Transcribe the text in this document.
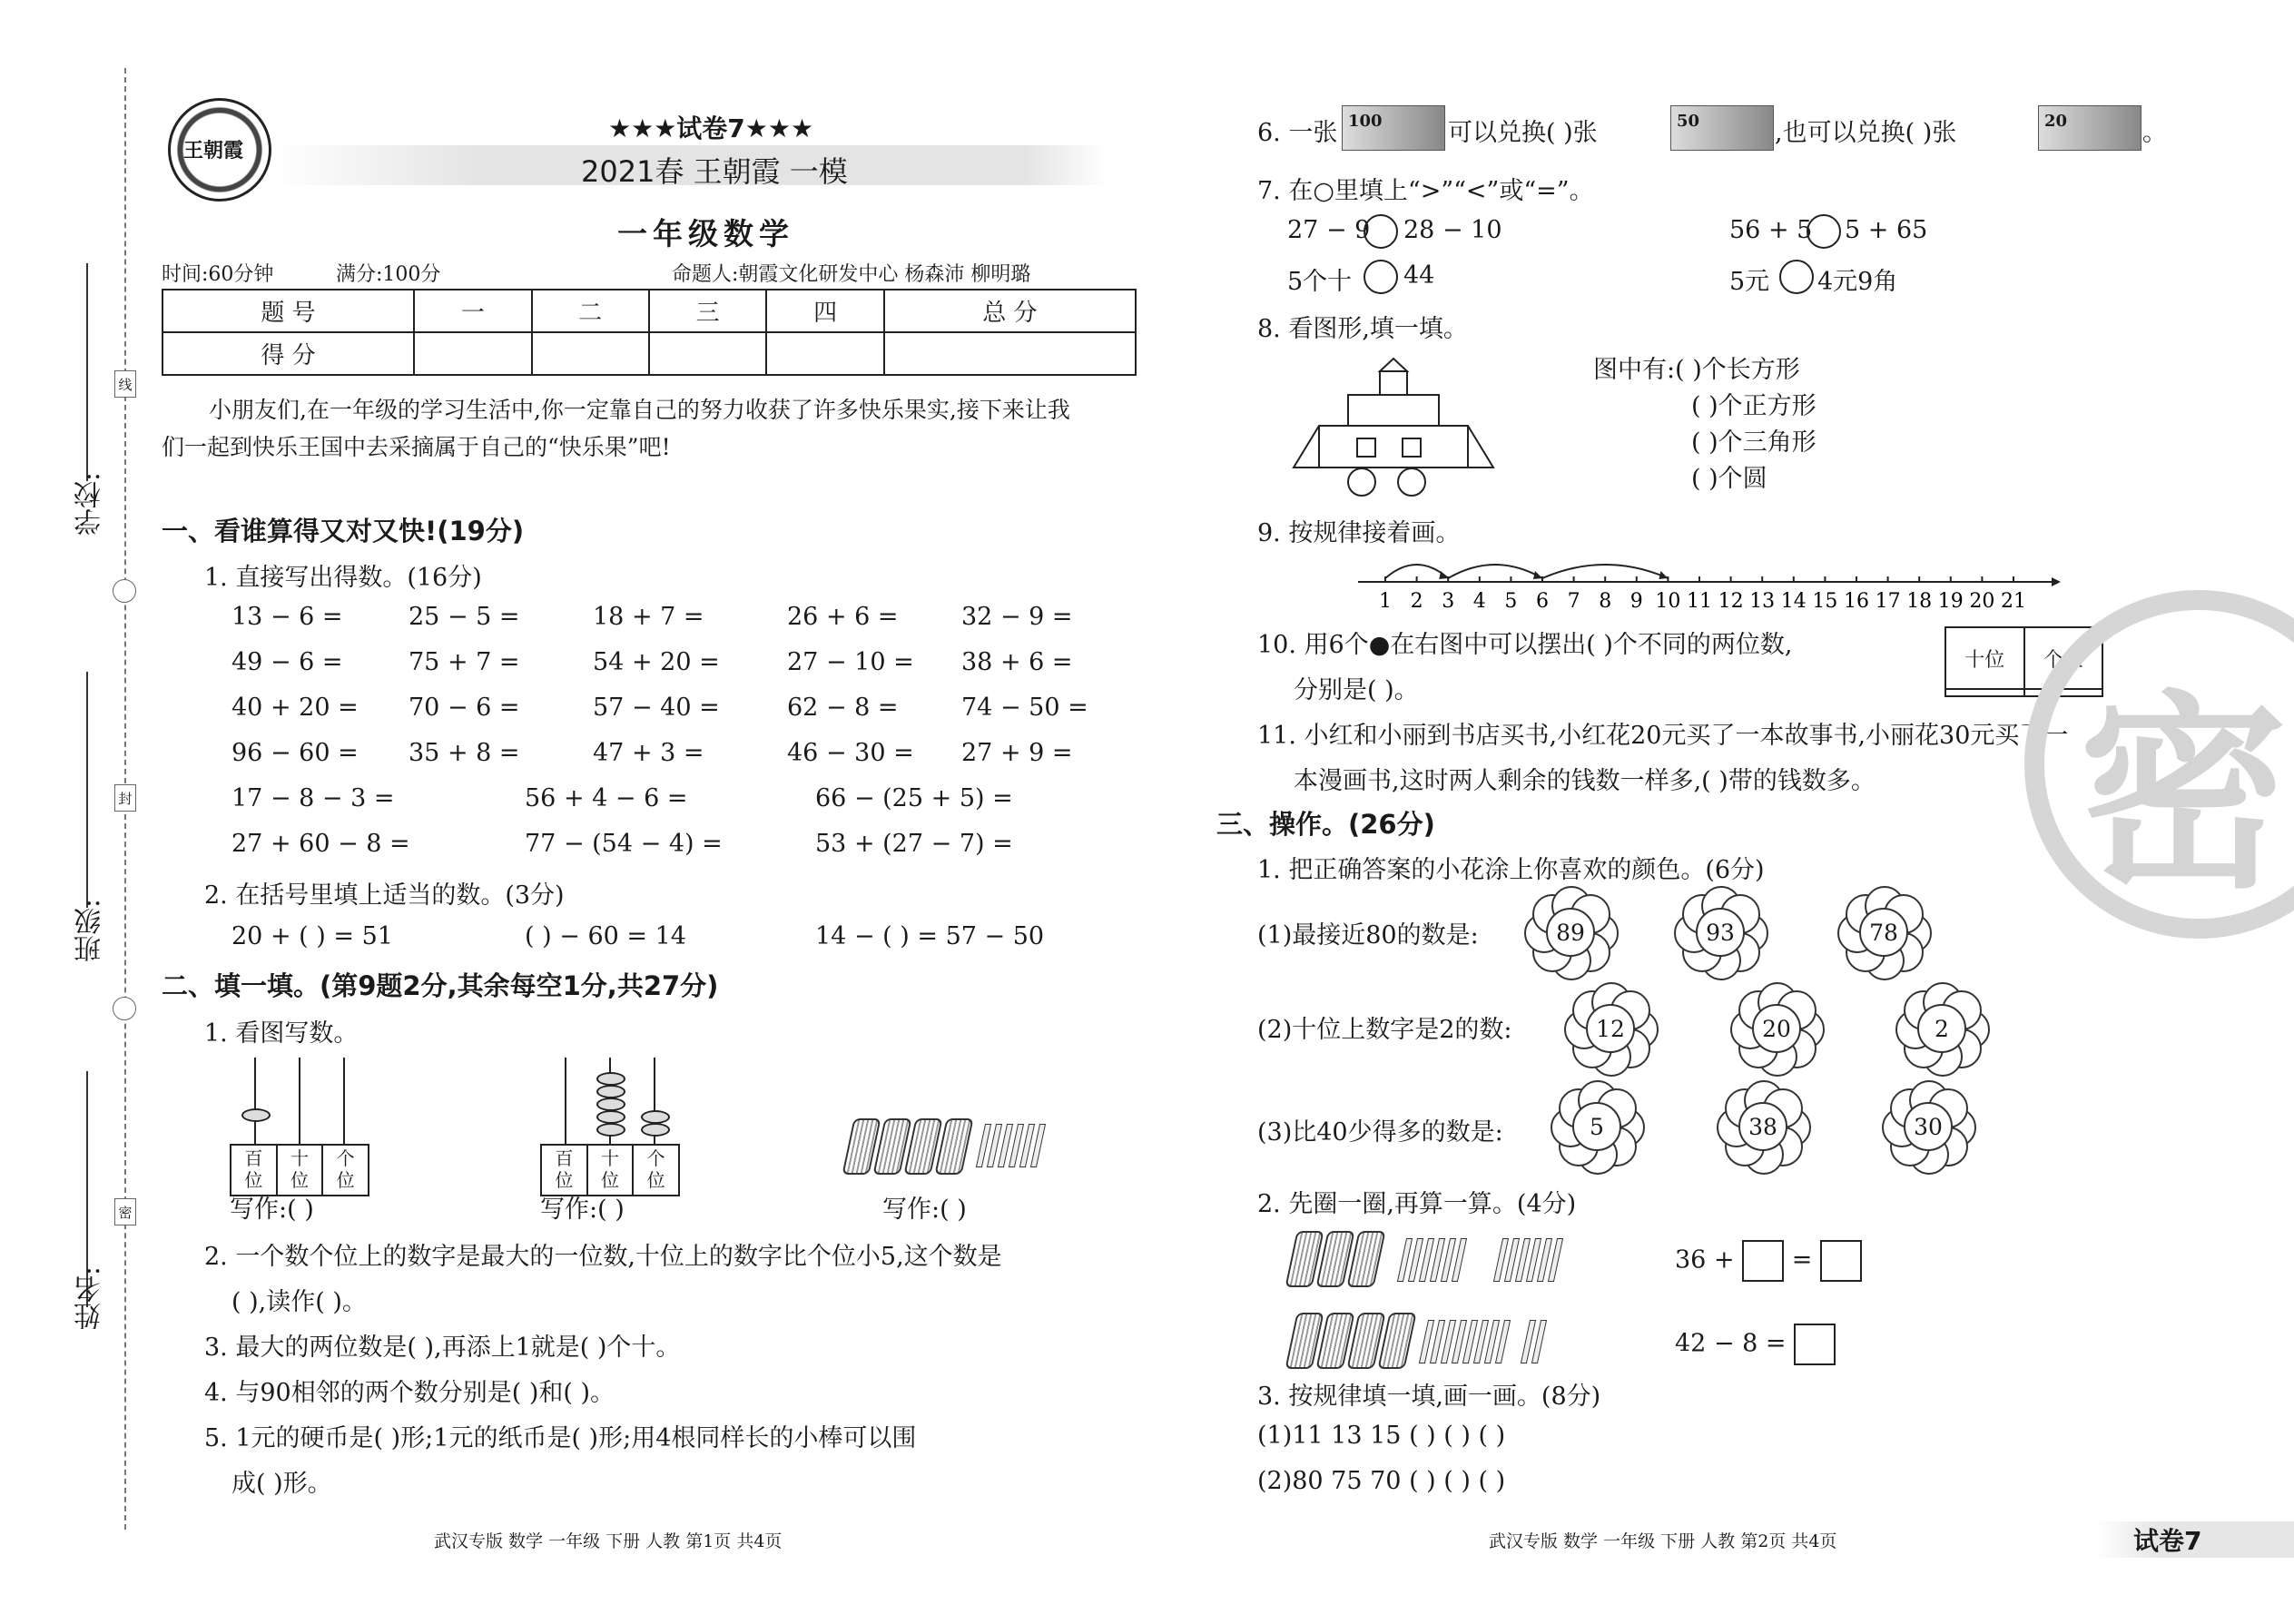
线
封
密
学校:
班级:
姓名:
王朝霞
★★★试卷7★★★
2021春 王朝霞 一模
一年级数学
时间:60分钟	满分:100分	命题人:朝霞文化研发中心 杨森沛 柳明璐
题 号	一	二	三	四	总 分
得 分					
小朋友们,在一年级的学习生活中,你一定靠自己的努力收获了许多快乐果实,接下来让我
们一起到快乐王国中去采摘属于自己的“快乐果”吧!
一、看谁算得又对又快!(19分)
1. 直接写出得数。(16分)
13 − 6 =	25 − 5 =	18 + 7 =	26 + 6 =	32 − 9 =
49 − 6 =	75 + 7 =	54 + 20 =	27 − 10 = 38 + 6 =
40 + 20 = 70 − 6 =	57 − 40 =	62 − 8 =	74 − 50 =
96 − 60 = 35 + 8 =	47 + 3 =	46 − 30 = 27 + 9 =
17 − 8 − 3 =	56 + 4 − 6 =	66 − (25 + 5) =
27 + 60 − 8 =	77 − (54 − 4) =	53 + (27 − 7) =
2. 在括号里填上适当的数。(3分)
20 + ( ) = 51	( ) − 60 = 14	14 − ( ) = 57 − 50
二、填一填。(第9题2分,其余每空1分,共27分)
1. 看图写数。
百
位
十
位
个
位
写作:( )
百
位
十
位
个
位
写作:( )	写作:( )
2. 一个数个位上的数字是最大的一位数,十位上的数字比个位小5,这个数是
( ),读作( )。
3. 最大的两位数是( ),再添上1就是( )个十。
4. 与90相邻的两个数分别是( )和( )。
5. 1元的硬币是( )形;1元的纸币是( )形;用4根同样长的小棒可以围
成( )形。
武汉专版 数学 一年级 下册 人教 第1页 共4页
6. 一张 100	可以兑换( )张	50	,也可以兑换( )张	20	。
7. 在○里填上“>”“<”或“=”。
27 − 9 28 − 10	56 + 5 5 + 65
5个十 44	5元 4元9角
8. 看图形,填一填。
图中有:( )个长方形
( )个正方形
( )个三角形
( )个圆
9. 按规律接着画。
1 2 3 4 5 6 7 8 9 10 11 12 13 14 15 16 17 18 19 20 21
10. 用6个●在右图中可以摆出( )个不同的两位数,
分别是( )。
十位	个位

11. 小红和小丽到书店买书,小红花20元买了一本故事书,小丽花30元买了一
本漫画书,这时两人剩余的钱数一样多,( )带的钱数多。 密
三、操作。(26分)
1. 把正确答案的小花涂上你喜欢的颜色。(6分)
(1)最接近80的数是:
(2)十位上数字是2的数:
(3)比40少得多的数是:
89	93	78
12	20	2
5	38	30
2. 先圈一圈,再算一算。(4分)
36 + =
42 − 8 =
3. 按规律填一填,画一画。(8分)
(1)11 13 15 ( ) ( ) ( )
(2)80 75 70 ( ) ( ) ( )
武汉专版 数学 一年级 下册 人教 第2页 共4页	试卷7
